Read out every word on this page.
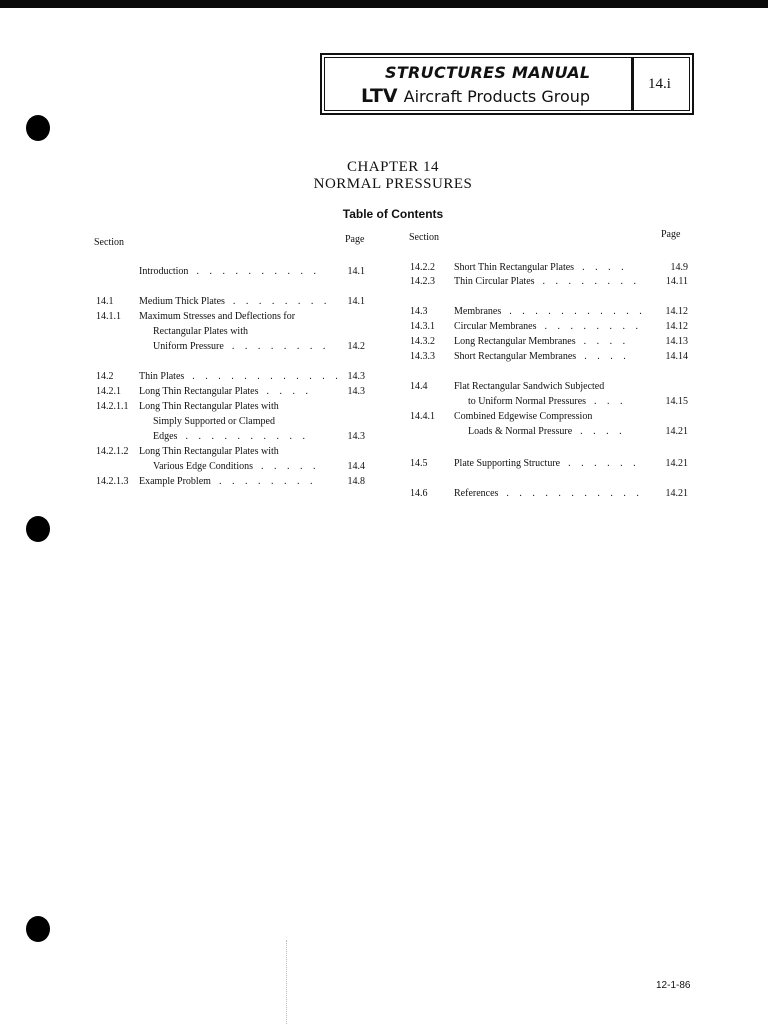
STRUCTURES MANUAL
LTV Aircraft Products Group
14.i
CHAPTER 14
NORMAL PRESSURES
Table of Contents
Section	Page	Section	Page
Introduction . . . . . . . . . .	14.1
14.1	Medium Thick Plates . . . . . . . . 14.1
14.1.1 Maximum Stresses and Deflections for
Rectangular Plates with
Uniform Pressure . . . . . . . . 14.2
14.2	Thin Plates . . . . . . . . . . . . 14.3
14.2.1 Long Thin Rectangular Plates . . . .	14.3
14.2.1.1 Long Thin Rectangular Plates with
Simply Supported or Clamped
Edges . . . . . . . . . .	14.3
14.2.1.2 Long Thin Rectangular Plates with
Various Edge Conditions . . . . .	14.4
14.2.1.3 Example Problem . . . . . . . .	14.8
14.2.2 Short Thin Rectangular Plates . . . .	14.9
14.2.3 Thin Circular Plates . . . . . . . .	14.11
14.3	Membranes . . . . . . . . . . . 14.12
14.3.1 Circular Membranes . . . . . . . . 14.12
14.3.2 Long Rectangular Membranes . . . .	14.13
14.3.3 Short Rectangular Membranes . . . .	14.14
14.4	Flat Rectangular Sandwich Subjected
to Uniform Normal Pressures . . .	14.15
14.4.1 Combined Edgewise Compression
Loads & Normal Pressure . . . .	14.21
14.5	Plate Supporting Structure . . . . . .	14.21
14.6	References . . . . . . . . . . . 14.21
12-1-86
